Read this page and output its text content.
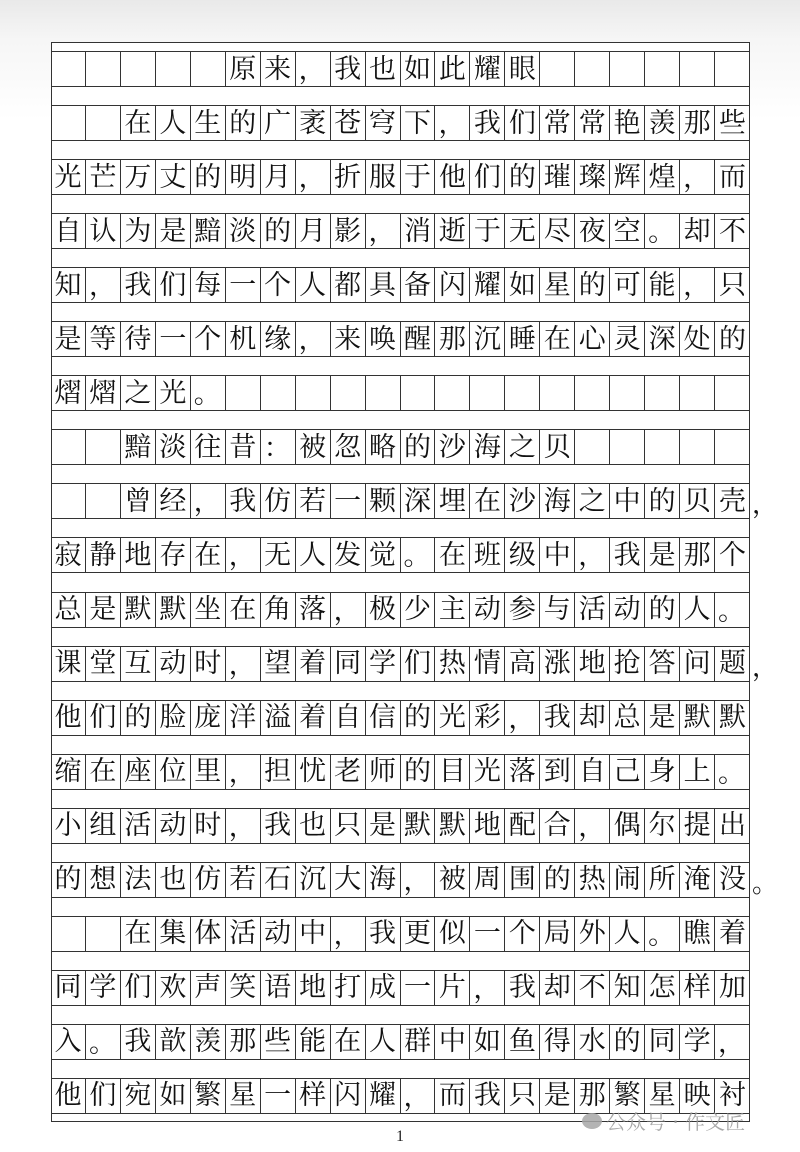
原 来 ， 我 也 如 此 耀 眼
在 人 生 的 广 袤 苍 穹 下 ， 我 们 常 常 艳 羡 那 些
光 芒 万 丈 的 明 月 ， 折 服 于 他 们 的 璀 璨 辉 煌 ， 而
自 认 为 是 黯 淡 的 月 影 ， 消 逝 于 无 尽 夜 空 。 却 不
知 ， 我 们 每 一 个 人 都 具 备 闪 耀 如 星 的 可 能 ， 只
是 等 待 一 个 机 缘 ， 来 唤 醒 那 沉 睡 在 心 灵 深 处 的
熠 熠 之 光 。
黯 淡 往 昔 ： 被 忽 略 的 沙 海 之 贝
曾 经 ， 我 仿 若 一 颗 深 埋 在 沙 海 之 中 的 贝 壳 ，
寂 静 地 存 在 ， 无 人 发 觉 。 在 班 级 中 ， 我 是 那 个
总 是 默 默 坐 在 角 落 ， 极 少 主 动 参 与 活 动 的 人 。
课 堂 互 动 时 ， 望 着 同 学 们 热 情 高 涨 地 抢 答 问 题 ，
他 们 的 脸 庞 洋 溢 着 自 信 的 光 彩 ， 我 却 总 是 默 默
缩 在 座 位 里 ， 担 忧 老 师 的 目 光 落 到 自 己 身 上 。
小 组 活 动 时 ， 我 也 只 是 默 默 地 配 合 ， 偶 尔 提 出
的 想 法 也 仿 若 石 沉 大 海 ， 被 周 围 的 热 闹 所 淹 没 。
在 集 体 活 动 中 ， 我 更 似 一 个 局 外 人 。 瞧 着
同 学 们 欢 声 笑 语 地 打 成 一 片 ， 我 却 不 知 怎 样 加
入 。 我 歆 羡 那 些 能 在 人 群 中 如 鱼 得 水 的 同 学 ，
他 们 宛 如 繁 星 一 样 闪 耀 ， 而 我 只 是 那 繁 星 映 衬
1
公众号 · 作文匠
